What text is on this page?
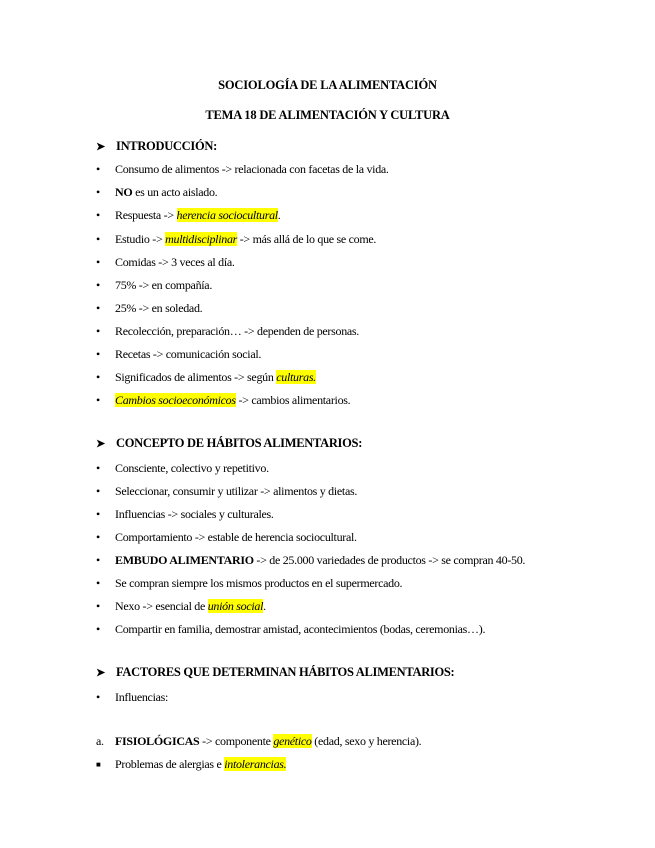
SOCIOLOGÍA DE LA ALIMENTACIÓN
TEMA 18 DE ALIMENTACIÓN Y CULTURA
➤ INTRODUCCIÓN:
• Consumo de alimentos -> relacionada con facetas de la vida.
• NO es un acto aislado.
• Respuesta -> herencia sociocultural.
• Estudio -> multidisciplinar -> más allá de lo que se come.
• Comidas -> 3 veces al día.
• 75% -> en compañía.
• 25% -> en soledad.
• Recolección, preparación… -> dependen de personas.
• Recetas -> comunicación social.
• Significados de alimentos -> según culturas.
• Cambios socioeconómicos -> cambios alimentarios.
➤ CONCEPTO DE HÁBITOS ALIMENTARIOS:
• Consciente, colectivo y repetitivo.
• Seleccionar, consumir y utilizar -> alimentos y dietas.
• Influencias -> sociales y culturales.
• Comportamiento -> estable de herencia sociocultural.
• EMBUDO ALIMENTARIO -> de 25.000 variedades de productos -> se compran 40-50.
• Se compran siempre los mismos productos en el supermercado.
• Nexo -> esencial de unión social.
• Compartir en familia, demostrar amistad, acontecimientos (bodas, ceremonias…).
➤ FACTORES QUE DETERMINAN HÁBITOS ALIMENTARIOS:
• Influencias:
a. FISIOLÓGICAS -> componente genético (edad, sexo y herencia).
■ Problemas de alergias e intolerancias.
